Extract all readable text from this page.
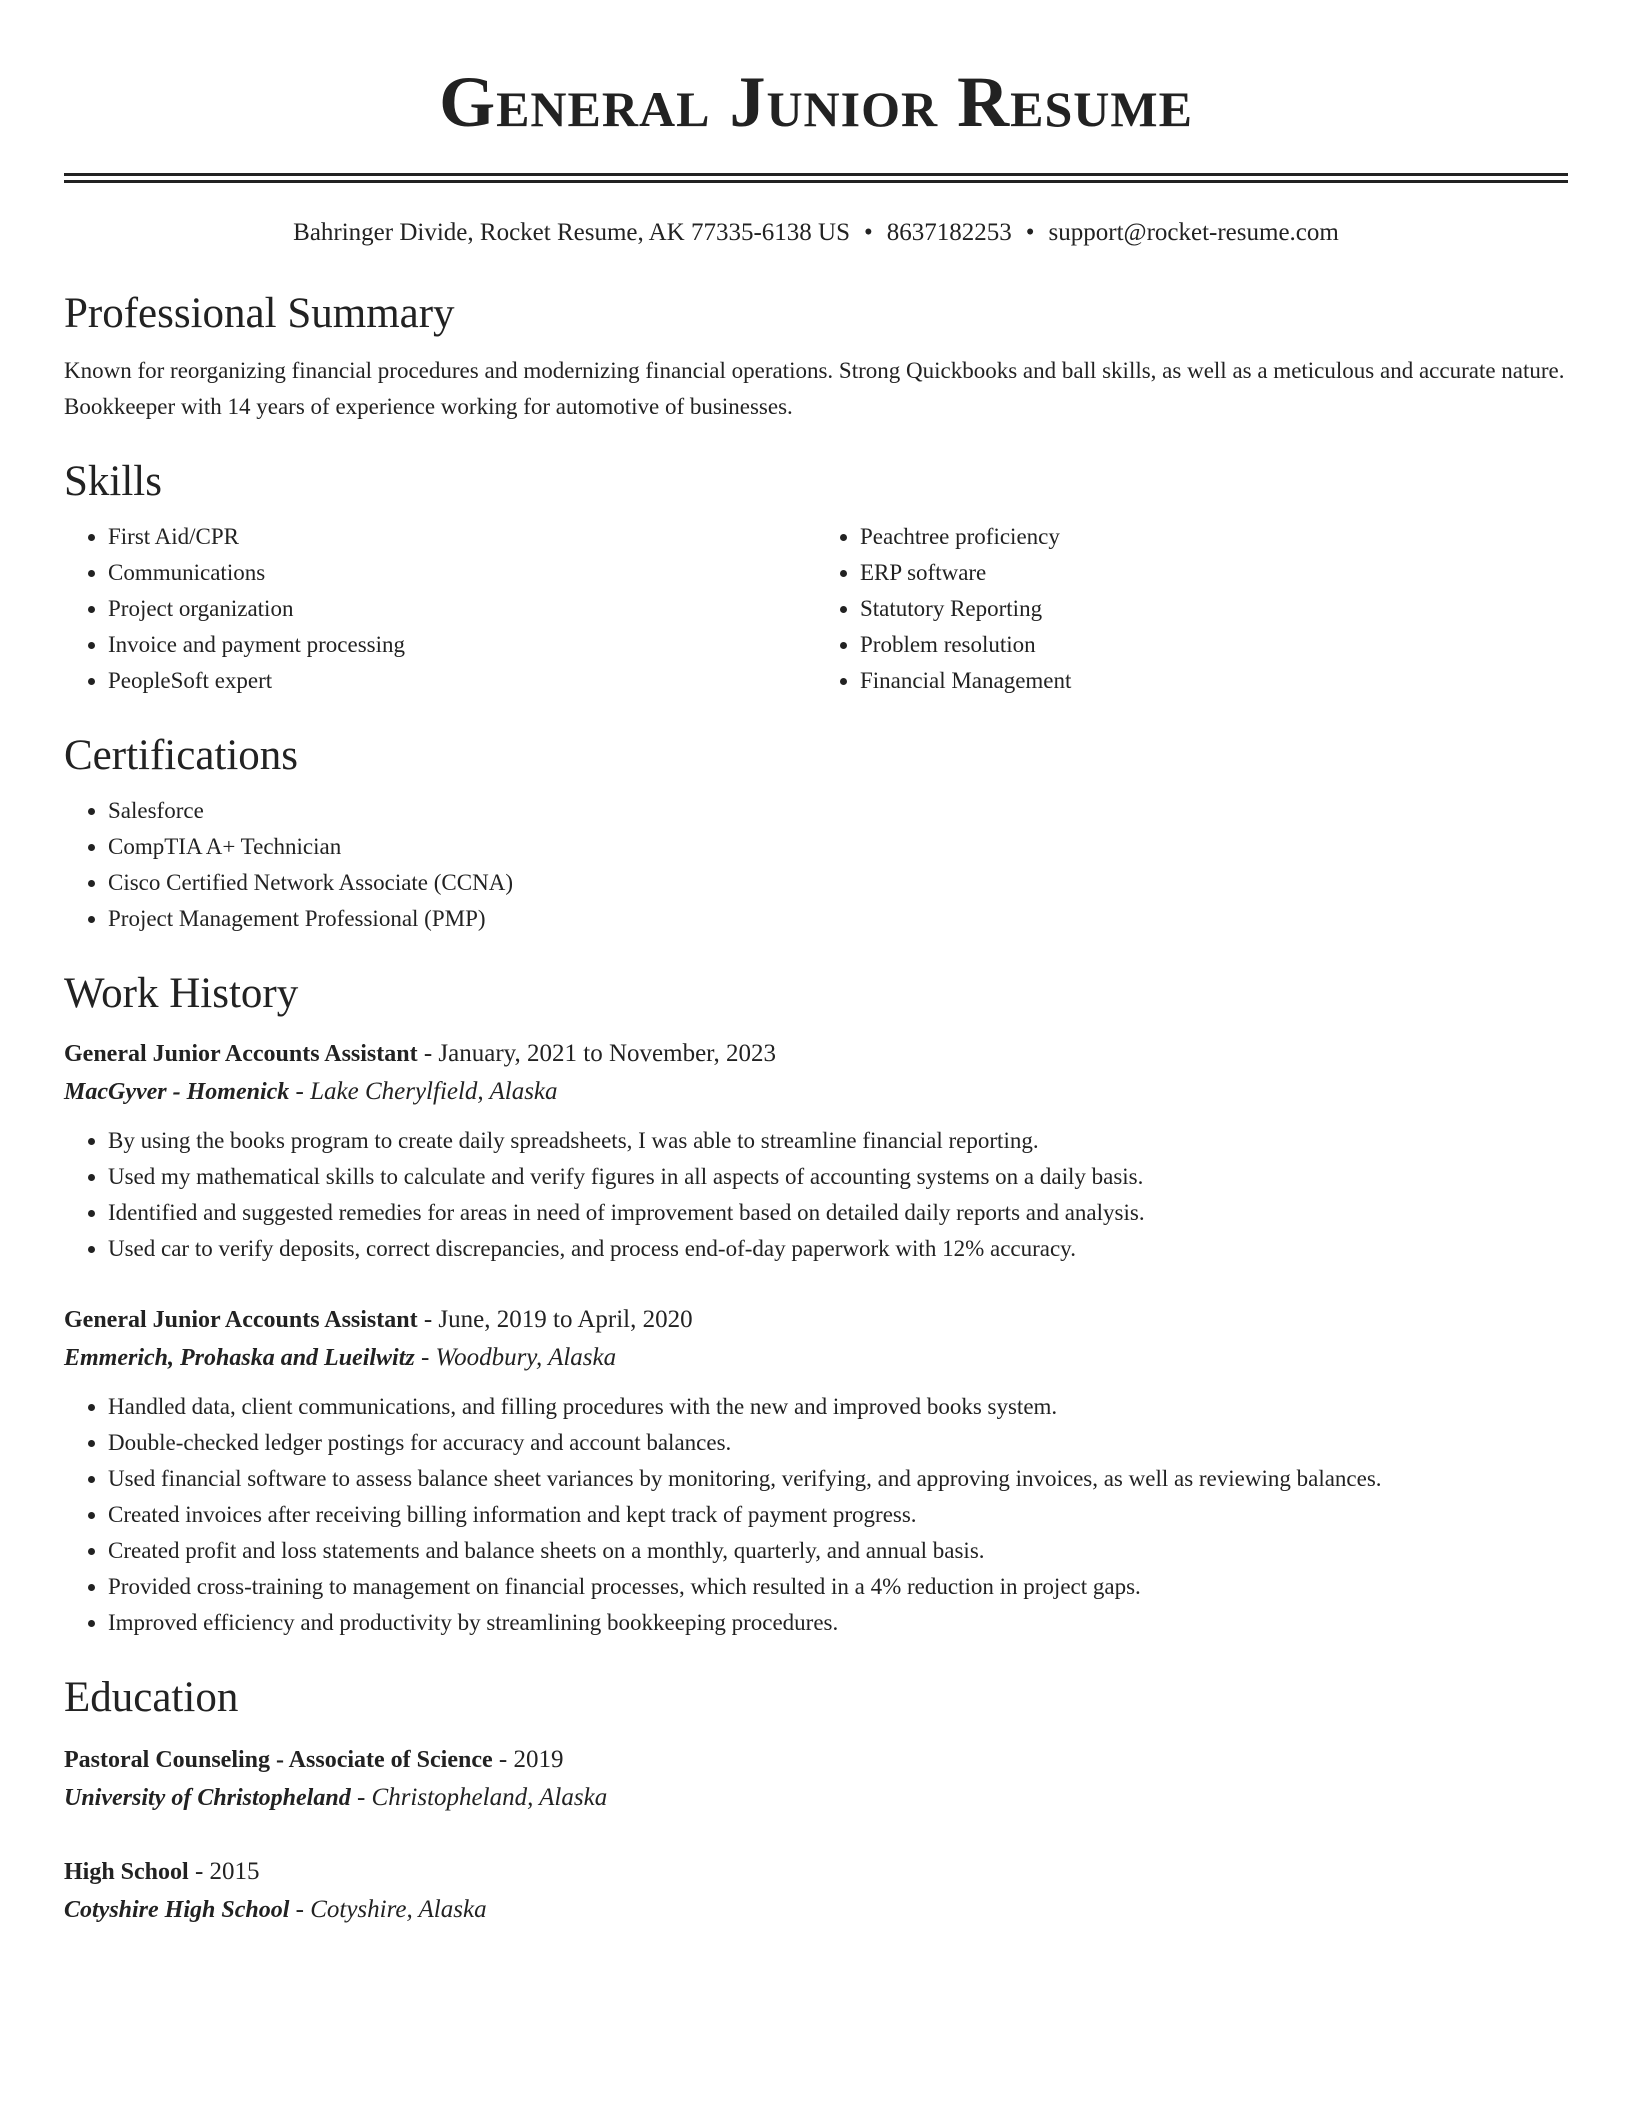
General Junior Resume
Bahringer Divide, Rocket Resume, AK 77335-6138 US • 8637182253 • support@rocket-resume.com
Professional Summary

Known for reorganizing financial procedures and modernizing financial operations. Strong Quickbooks and ball skills, as well as a meticulous and accurate nature. Bookkeeper with 14 years of experience working for automotive of businesses.

Skills
• First Aid/CPR
• Communications
• Project organization
• Invoice and payment processing
• PeopleSoft expert
• Peachtree proficiency
• ERP software
• Statutory Reporting
• Problem resolution
• Financial Management
Certifications
• Salesforce
• CompTIA A+ Technician
• Cisco Certified Network Associate (CCNA)
• Project Management Professional (PMP)
Work History
General Junior Accounts Assistant - January, 2021 to November, 2023
MacGyver - Homenick - Lake Cherylfield, Alaska
• By using the books program to create daily spreadsheets, I was able to streamline financial reporting.
• Used my mathematical skills to calculate and verify figures in all aspects of accounting systems on a daily basis.
• Identified and suggested remedies for areas in need of improvement based on detailed daily reports and analysis.
• Used car to verify deposits, correct discrepancies, and process end-of-day paperwork with 12% accuracy.
General Junior Accounts Assistant - June, 2019 to April, 2020
Emmerich, Prohaska and Lueilwitz - Woodbury, Alaska
• Handled data, client communications, and filling procedures with the new and improved books system.
• Double-checked ledger postings for accuracy and account balances.
• Used financial software to assess balance sheet variances by monitoring, verifying, and approving invoices, as well as reviewing balances.
• Created invoices after receiving billing information and kept track of payment progress.
• Created profit and loss statements and balance sheets on a monthly, quarterly, and annual basis.
• Provided cross-training to management on financial processes, which resulted in a 4% reduction in project gaps.
• Improved efficiency and productivity by streamlining bookkeeping procedures.
Education
Pastoral Counseling - Associate of Science - 2019
University of Christopheland - Christopheland, Alaska
High School - 2015
Cotyshire High School - Cotyshire, Alaska
